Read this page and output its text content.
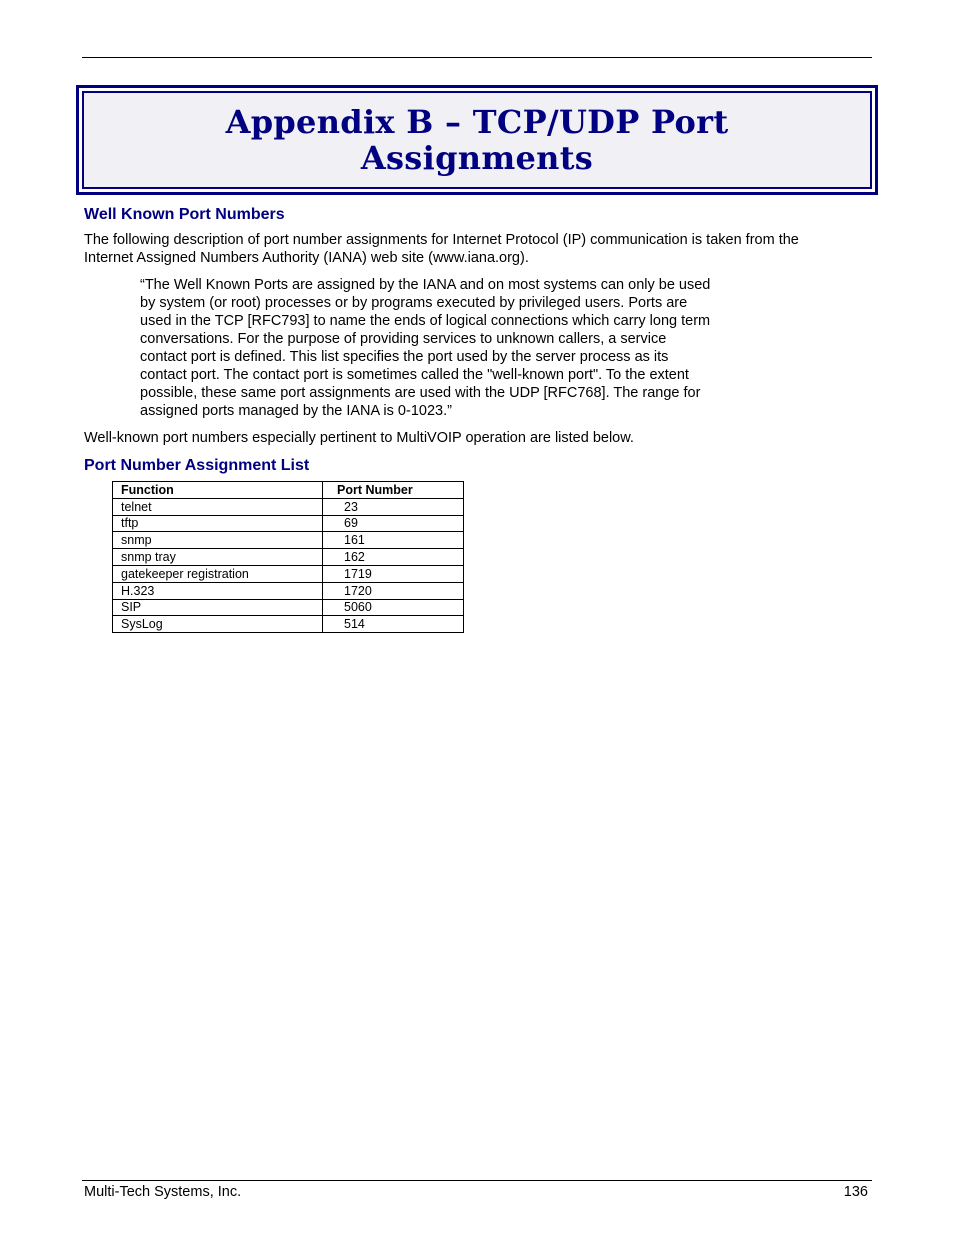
Appendix B – TCP/UDP Port
Assignments
Well Known Port Numbers
The following description of port number assignments for Internet Protocol (IP) communication is taken from the
Internet Assigned Numbers Authority (IANA) web site (www.iana.org).
“The Well Known Ports are assigned by the IANA and on most systems can only be used
by system (or root) processes or by programs executed by privileged users. Ports are
used in the TCP [RFC793] to name the ends of logical connections which carry long term
conversations. For the purpose of providing services to unknown callers, a service
contact port is defined. This list specifies the port used by the server process as its
contact port. The contact port is sometimes called the "well-known port". To the extent
possible, these same port assignments are used with the UDP [RFC768]. The range for
assigned ports managed by the IANA is 0-1023.”
Well-known port numbers especially pertinent to MultiVOIP operation are listed below.
Port Number Assignment List
Function	Port Number
telnet	23
tftp	69
snmp	161
snmp tray	162
gatekeeper registration	1719
H.323	1720
SIP	5060
SysLog	514
Multi-Tech Systems, Inc.	136
